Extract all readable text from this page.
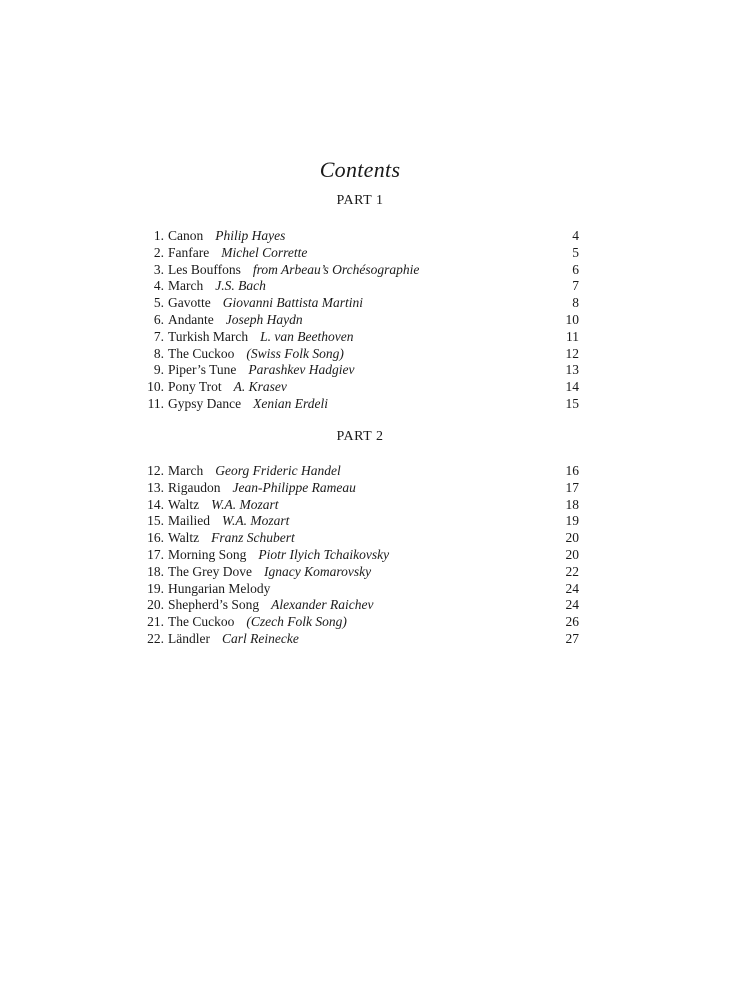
Contents
PART 1
1. Canon Philip Hayes	4
2. Fanfare Michel Corrette	5
3. Les Bouffons from Arbeau’s Orchésographie	6
4. March J.S. Bach	7
5. Gavotte Giovanni Battista Martini	8
6. Andante Joseph Haydn	10
7. Turkish March L. van Beethoven	11
8. The Cuckoo (Swiss Folk Song)	12
9. Piper’s Tune Parashkev Hadgiev	13
10. Pony Trot A. Krasev	14
11. Gypsy Dance Xenian Erdeli	15
PART 2
12. March Georg Frideric Handel	16
13. Rigaudon Jean-Philippe Rameau	17
14. Waltz W.A. Mozart	18
15. Mailied W.A. Mozart	19
16. Waltz Franz Schubert	20
17. Morning Song Piotr Ilyich Tchaikovsky	20
18. The Grey Dove Ignacy Komarovsky	22
19. Hungarian Melody	24
20. Shepherd’s Song Alexander Raichev	24
21. The Cuckoo (Czech Folk Song)	26
22. Ländler Carl Reinecke	27
